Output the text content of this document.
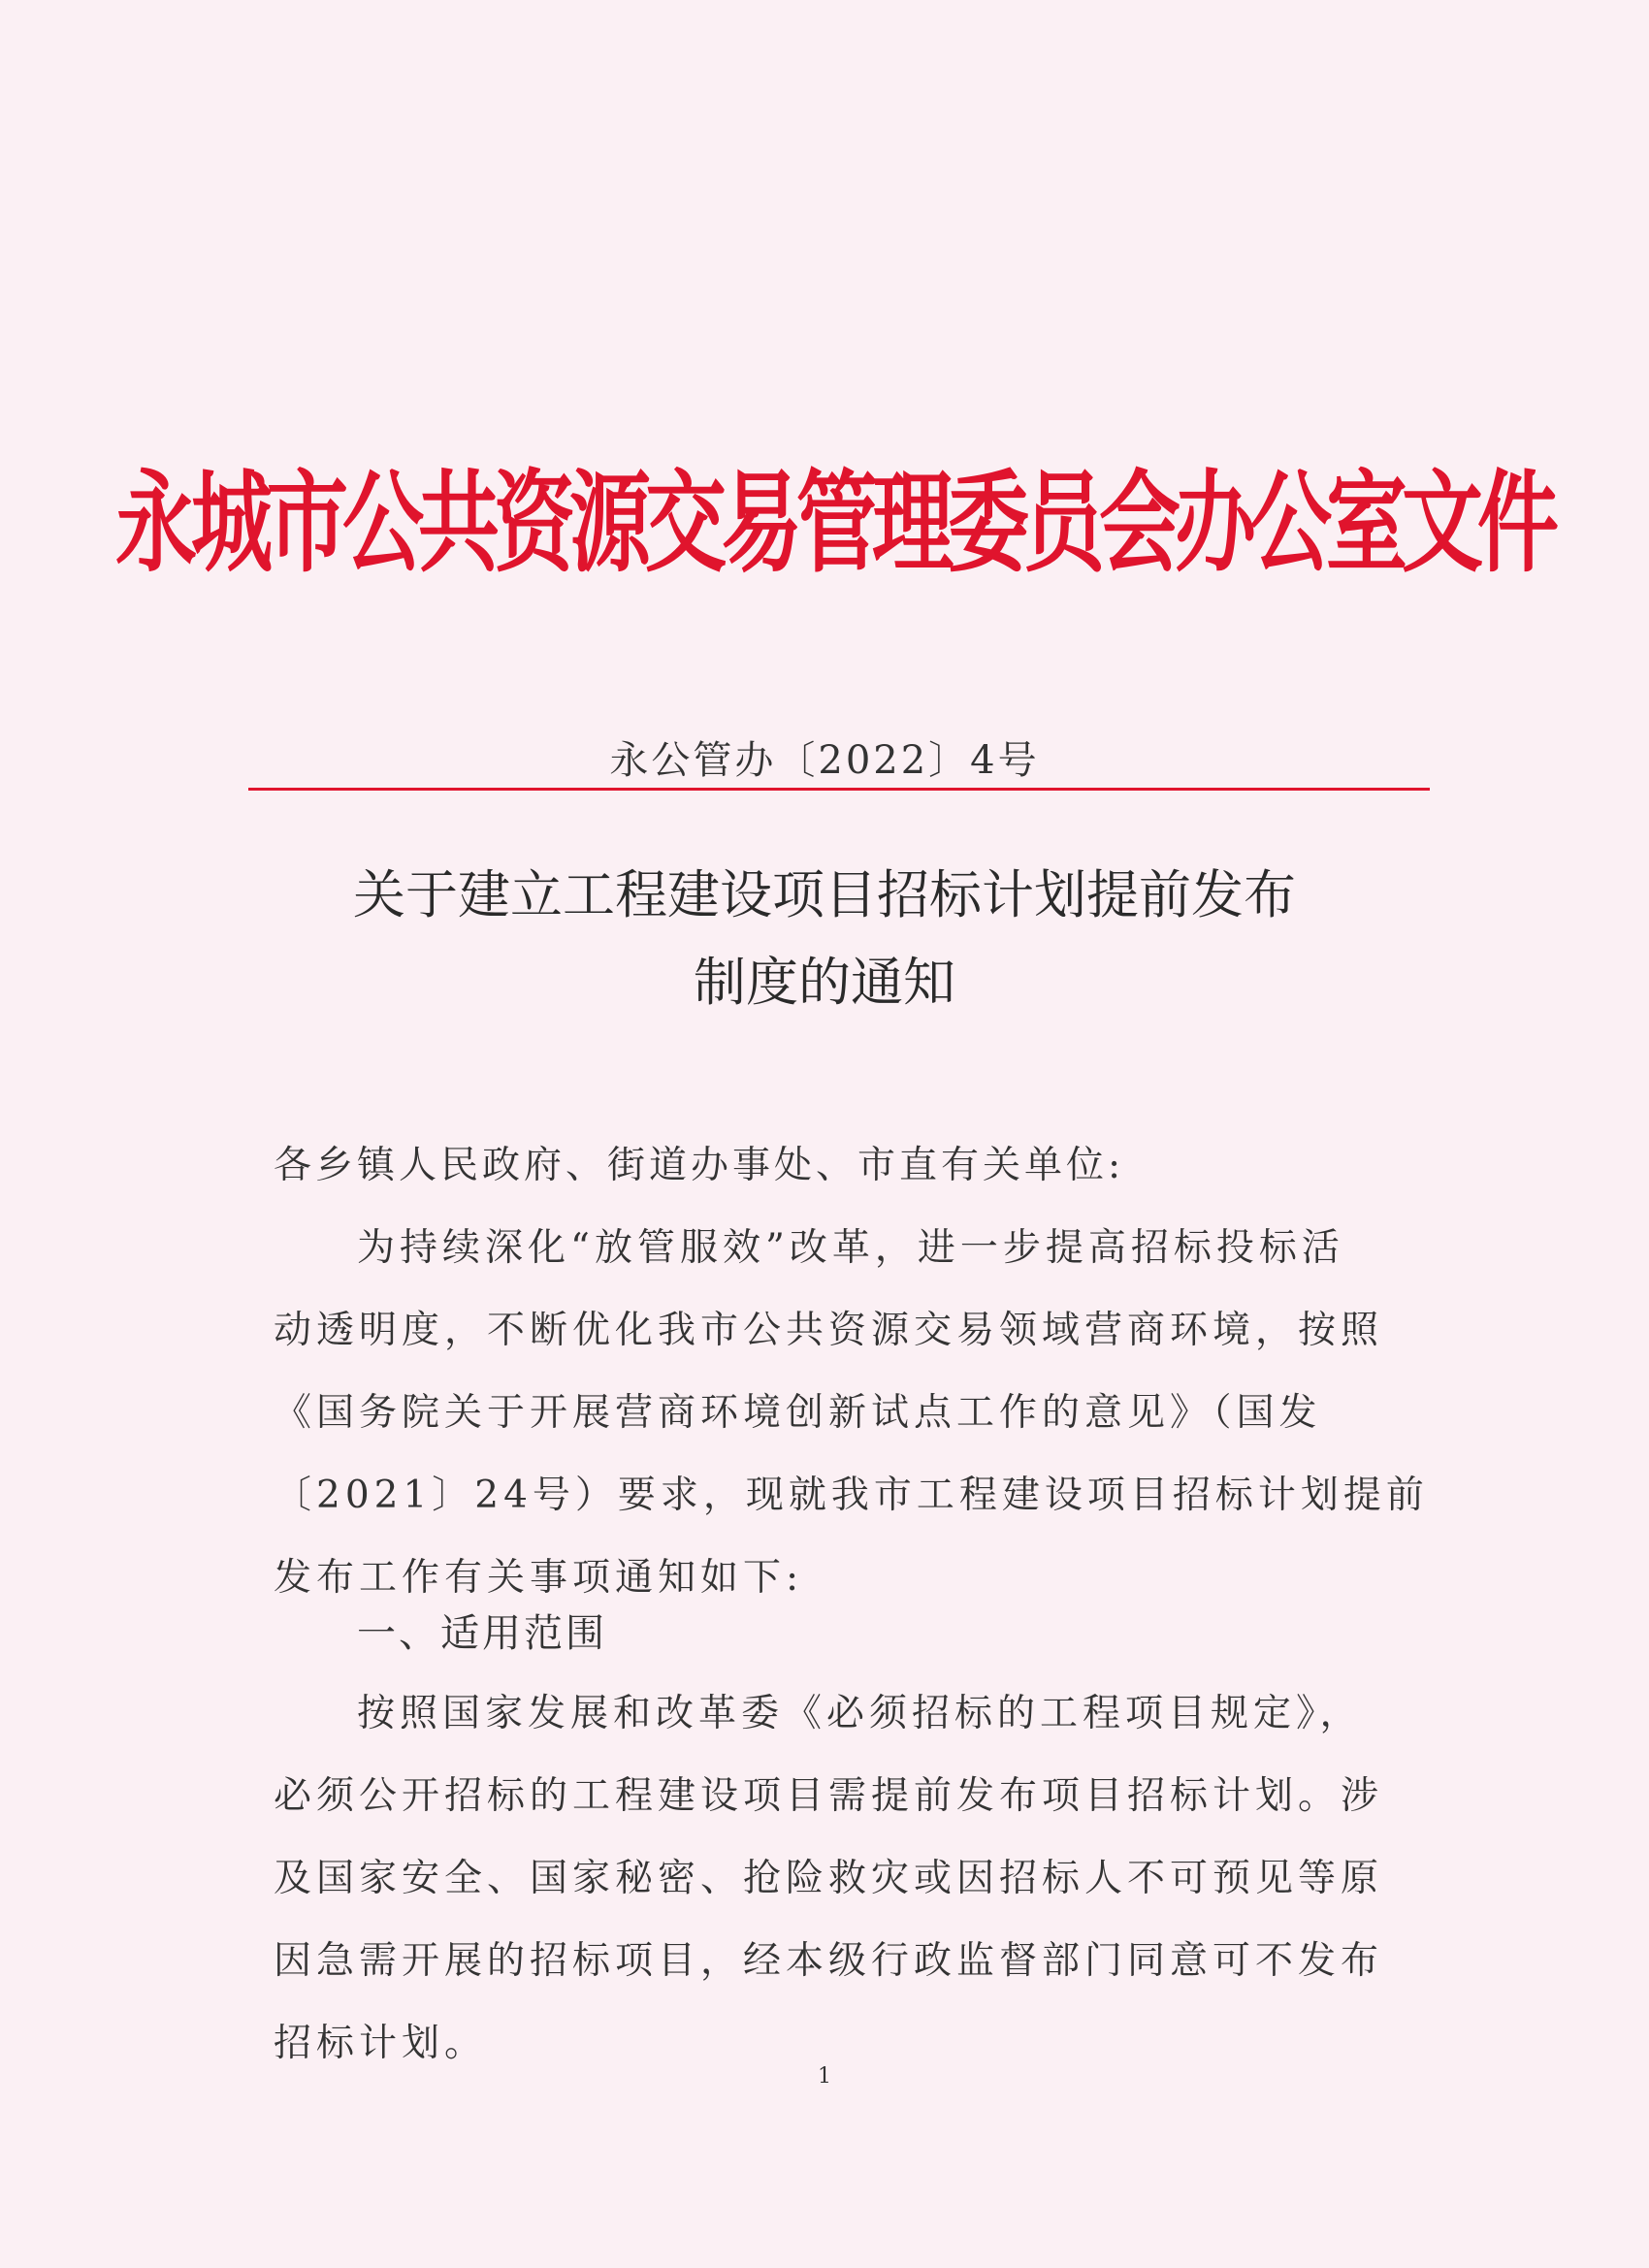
永城市公共资源交易管理委员会办公室文件
永公管办〔2022〕4号
关于建立工程建设项目招标计划提前发布
制度的通知
各乡镇人民政府、街道办事处、市直有关单位:
为持续深化“放管服效”改革，进一步提高招标投标活
动透明度，不断优化我市公共资源交易领域营商环境，按照
《国务院关于开展营商环境创新试点工作的意见》（国发
〔2021〕24号）要求，现就我市工程建设项目招标计划提前
发布工作有关事项通知如下:
一、适用范围
按照国家发展和改革委《必须招标的工程项目规定》，
必须公开招标的工程建设项目需提前发布项目招标计划。涉
及国家安全、国家秘密、抢险救灾或因招标人不可预见等原
因急需开展的招标项目，经本级行政监督部门同意可不发布
招标计划。
1
